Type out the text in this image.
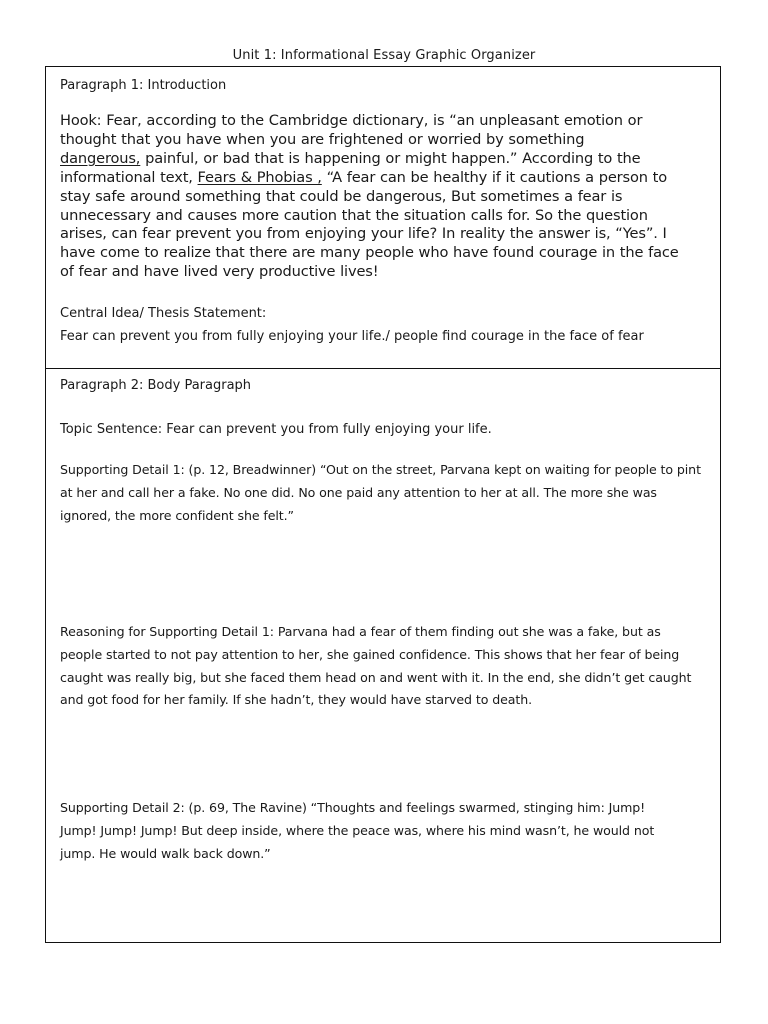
Unit 1: Informational Essay Graphic Organizer
Paragraph 1: Introduction
Hook: Fear, according to the Cambridge dictionary, is “an unpleasant emotion or
thought that you have when you are frightened or worried by something
dangerous, painful, or bad that is happening or might happen.” According to the
informational text, Fears & Phobias , “A fear can be healthy if it cautions a person to
stay safe around something that could be dangerous, But sometimes a fear is
unnecessary and causes more caution that the situation calls for. So the question
arises, can fear prevent you from enjoying your life? In reality the answer is, “Yes”. I
have come to realize that there are many people who have found courage in the face
of fear and have lived very productive lives!
Central Idea/ Thesis Statement:
Fear can prevent you from fully enjoying your life./ people find courage in the face of fear
Paragraph 2: Body Paragraph
Topic Sentence: Fear can prevent you from fully enjoying your life.
Supporting Detail 1: (p. 12, Breadwinner) “Out on the street, Parvana kept on waiting for people to pint
at her and call her a fake. No one did. No one paid any attention to her at all. The more she was
ignored, the more confident she felt.”
Reasoning for Supporting Detail 1: Parvana had a fear of them finding out she was a fake, but as
people started to not pay attention to her, she gained confidence. This shows that her fear of being
caught was really big, but she faced them head on and went with it. In the end, she didn’t get caught
and got food for her family. If she hadn’t, they would have starved to death.
Supporting Detail 2: (p. 69, The Ravine) “Thoughts and feelings swarmed, stinging him: Jump!
Jump! Jump! Jump! But deep inside, where the peace was, where his mind wasn’t, he would not
jump. He would walk back down.”
